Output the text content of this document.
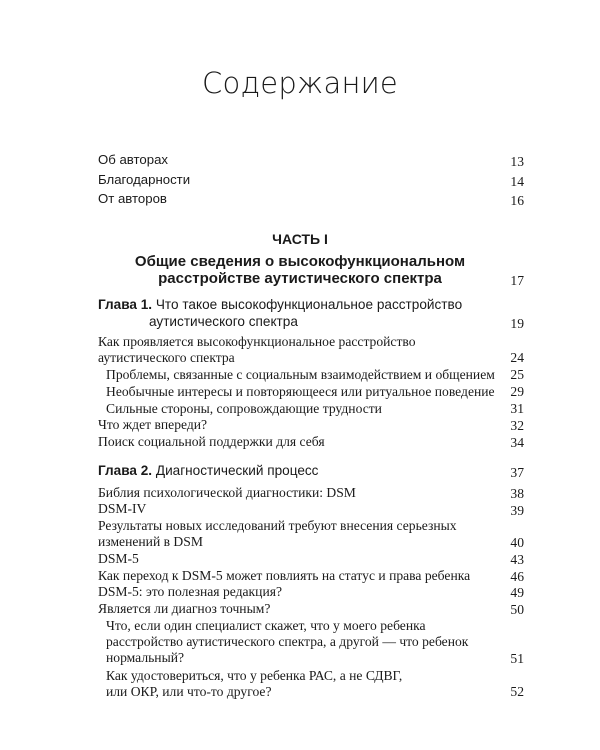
Содержание
Об авторах	13
Благодарности	14
От авторов	16
ЧАСТЬ I
Общие сведения о высокофункциональном
расстройстве аутистического спектра	17
Глава 1. Что такое высокофункциональное расстройство
аутистического спектра	19
Как проявляется высокофункциональное расстройство
аутистического спектра	24
Проблемы, связанные с социальным взаимодействием и общением 25
Необычные интересы и повторяющееся или ритуальное поведение 29
Сильные стороны, сопровождающие трудности	31
Что ждет впереди?	32
Поиск социальной поддержки для себя	34
Глава 2. Диагностический процесс	37
Библия психологической диагностики: DSM	38
DSM-IV	39
Результаты новых исследований требуют внесения серьезных
изменений в DSM	40
DSM-5	43
Как переход к DSM-5 может повлиять на статус и права ребенка	46
DSM-5: это полезная редакция?	49
Является ли диагноз точным?	50
Что, если один специалист скажет, что у моего ребенка
расстройство аутистического спектра, а другой — что ребенок
нормальный?	51
Как удостовериться, что у ребенка РАС, а не СДВГ,
или ОКР, или что-то другое?	52
